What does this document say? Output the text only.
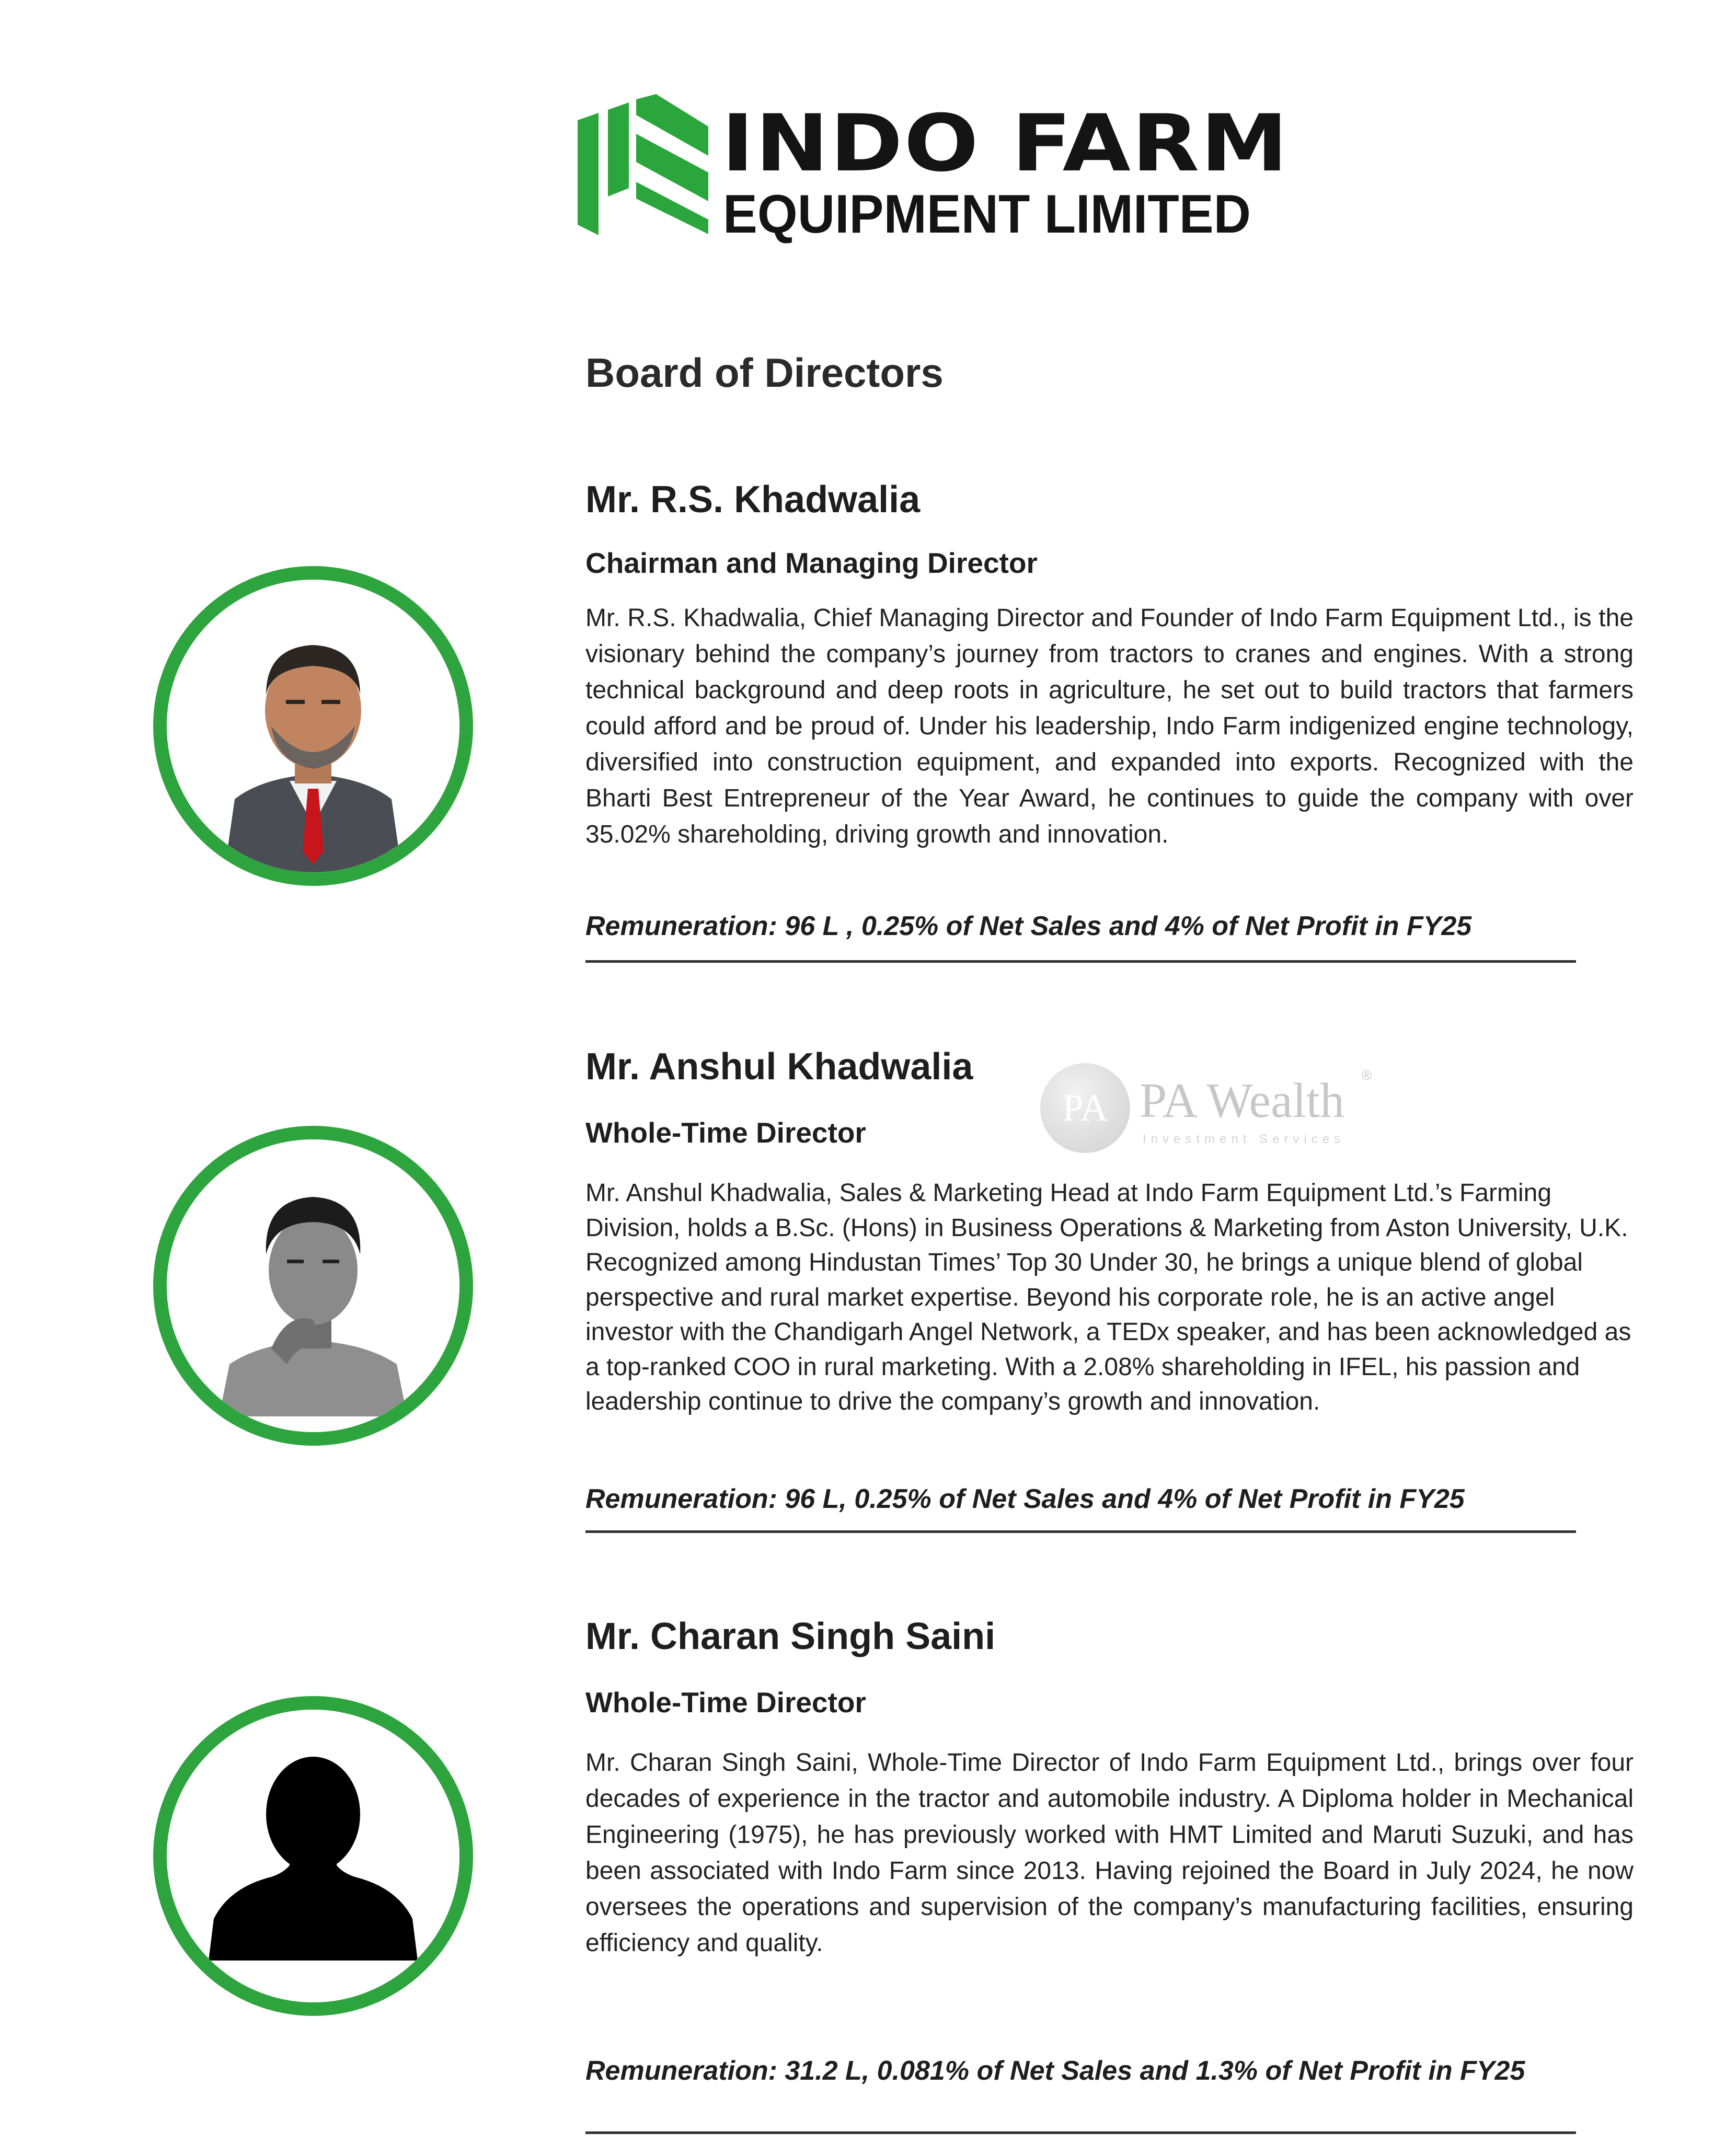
INDO FARM
EQUIPMENT LIMITED
Board of Directors
Mr. R.S. Khadwalia
Chairman and Managing Director

Mr. R.S. Khadwalia, Chief Managing Director and Founder of Indo Farm Equipment Ltd., is the visionary behind the company’s journey from tractors to cranes and engines. With a strong technical background and deep roots in agriculture, he set out to build tractors that farmers could afford and be proud of. Under his leadership, Indo Farm indigenized engine technology, diversified into construction equipment, and expanded into exports. Recognized with the Bharti Best Entrepreneur of the Year Award, he continues to guide the company with over 35.02% shareholding, driving growth and innovation.

Remuneration: 96 L , 0.25% of Net Sales and 4% of Net Profit in FY25
Mr. Anshul Khadwalia
Whole-Time Director

Mr. Anshul Khadwalia, Sales & Marketing Head at Indo Farm Equipment Ltd.’s Farming Division, holds a B.Sc. (Hons) in Business Operations & Marketing from Aston University, U.K. Recognized among Hindustan Times’ Top 30 Under 30, he brings a unique blend of global perspective and rural market expertise. Beyond his corporate role, he is an active angel investor with the Chandigarh Angel Network, a TEDx speaker, and has been acknowledged as a top-ranked COO in rural marketing. With a 2.08% shareholding in IFEL, his passion and leadership continue to drive the company’s growth and innovation.

Remuneration: 96 L, 0.25% of Net Sales and 4% of Net Profit in FY25
Mr. Charan Singh Saini
Whole-Time Director

Mr. Charan Singh Saini, Whole-Time Director of Indo Farm Equipment Ltd., brings over four decades of experience in the tractor and automobile industry. A Diploma holder in Mechanical Engineering (1975), he has previously worked with HMT Limited and Maruti Suzuki, and has been associated with Indo Farm since 2013. Having rejoined the Board in July 2024, he now oversees the operations and supervision of the company’s manufacturing facilities, ensuring efficiency and quality.

Remuneration: 31.2 L, 0.081% of Net Sales and 1.3% of Net Profit in FY25
PA PA Wealth ®
Investment Services
